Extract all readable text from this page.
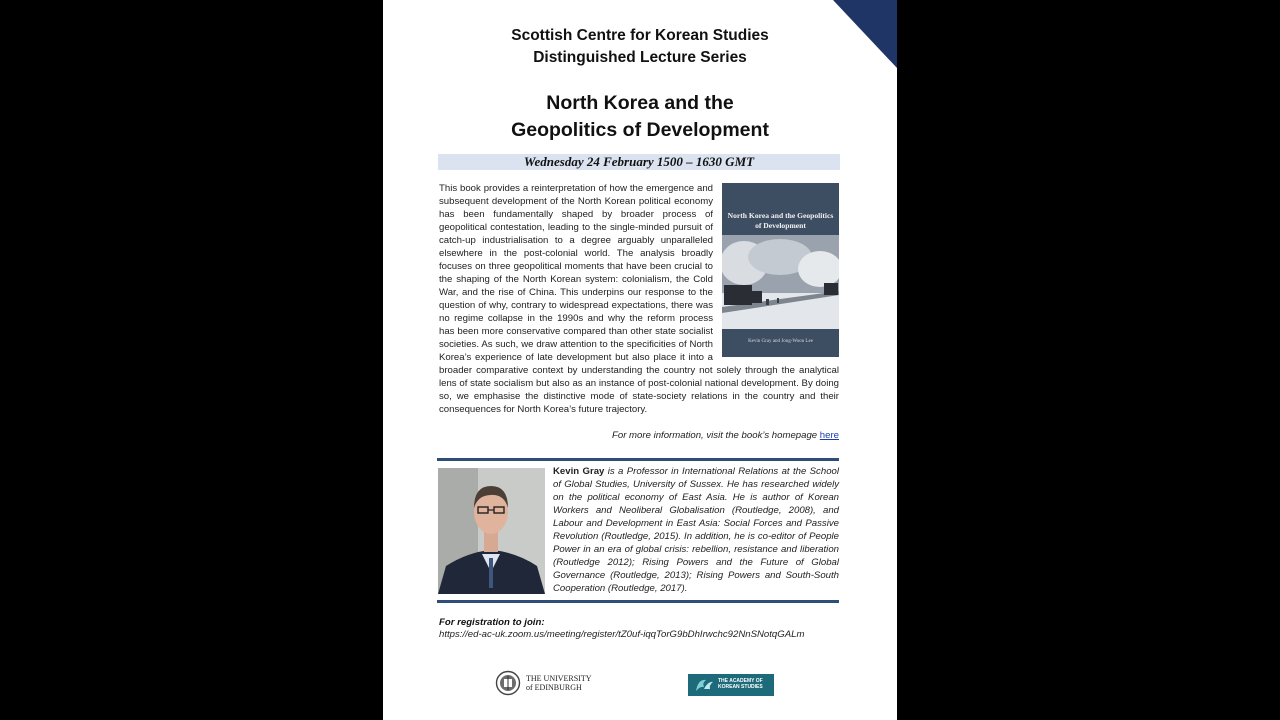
Scottish Centre for Korean Studies
Distinguished Lecture Series
North Korea and the
Geopolitics of Development
Wednesday 24 February 1500 – 1630 GMT
North Korea and the Geopolitics of Development
Kevin Gray and Jong-Woon Lee
This book provides a reinterpretation of how the emergence and subsequent development of the North Korean political economy has been fundamentally shaped by broader process of geopolitical contestation, leading to the single-minded pursuit of catch-up industrialisation to a degree arguably unparalleled elsewhere in the post-colonial world. The analysis broadly focuses on three geopolitical moments that have been crucial to the shaping of the North Korean system: colonialism, the Cold War, and the rise of China. This underpins our response to the question of why, contrary to widespread expectations, there was no regime collapse in the 1990s and why the reform process has been more conservative compared than other state socialist societies. As such, we draw attention to the specificities of North Korea’s experience of late development but also place it into a broader comparative context by understanding the country not solely through the analytical lens of state socialism but also as an instance of post-colonial national development. By doing so, we emphasise the distinctive mode of state-society relations in the country and their consequences for North Korea’s future trajectory.
For more information, visit the book’s homepage here
Kevin Gray is a Professor in International Relations at the School of Global Studies, University of Sussex. He has researched widely on the political economy of East Asia. He is author of Korean Workers and Neoliberal Globalisation (Routledge, 2008), and Labour and Development in East Asia: Social Forces and Passive Revolution (Routledge, 2015). In addition, he is co-editor of People Power in an era of global crisis: rebellion, resistance and liberation (Routledge 2012); Rising Powers and the Future of Global Governance (Routledge, 2013); Rising Powers and South-South Cooperation (Routledge, 2017).
For registration to join:
https://ed-ac-uk.zoom.us/meeting/register/tZ0uf-iqqTorG9bDhIrwchc92NnSNotqGALm
THE UNIVERSITY
of EDINBURGH
THE ACADEMY OF
KOREAN STUDIES
